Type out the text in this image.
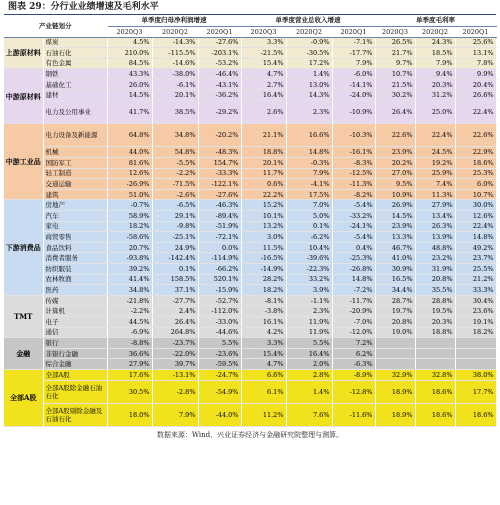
图表 29：分行业业绩增速及毛利水平
产业链划分		单季度归母净利润增速			单季度营业总收入增速			单季度毛利率		
		2020Q3	2020Q2	2020Q1	2020Q3	2020Q2	2020Q1	2020Q3	2020Q2	2020Q1
上游原材料	煤炭	4.5%	-14.3%	-27.6%	3.3%	-0.9%	-7.1%	26.5%	24.3%	25.6%
	石油石化	210.0%	-115.5%	-203.1%	-21.5%	-30.5%	-17.7%	21.7%	18.5%	13.1%
	有色金属	84.5%	-14.6%	-53.2%	15.4%	17.2%	7.9%	9.7%	7.9%	7.8%
中游原材料	钢铁	43.3%	-38.0%	-46.4%	4.7%	1.4%	-6.0%	10.7%	9.4%	9.9%
	基础化工	26.0%	-6.1%	-43.1%	2.7%	13.0%	-14.1%	21.5%	20.3%	20.4%
	建材	14.5%	20.1%	-36.2%	16.4%	14.3%	-24.0%	30.2%	31.2%	26.6%
	电力及公用事业	41.7%	38.5%	-29.2%	2.6%	2.3%	-10.9%	26.4%	25.0%	22.4%
中游工业品	电力设备及新能源	64.8%	34.8%	-20.2%	21.1%	16.6%	-10.3%	22.6%	22.4%	22.6%
	机械	44.0%	54.8%	-48.3%	18.8%	14.8%	-16.1%	23.9%	24.5%	22.9%
	国防军工	81.6%	-5.5%	154.7%	20.1%	-0.3%	-8.3%	20.2%	19.2%	18.6%
	轻工制造	12.6%	-2.2%	-33.3%	11.7%	7.9%	-12.5%	27.0%	25.9%	25.3%
	交通运输	-26.9%	-71.5%	-122.1%	0.6%	-4.1%	-11.3%	9.5%	7.4%	6.0%
	建筑	51.0%	-2.6%	-27.6%	22.2%	17.5%	-8.2%	10.9%	11.3%	10.7%
下游消费品	房地产	-0.7%	-6.5%	-46.3%	15.2%	7.0%	-5.4%	26.9%	27.9%	30.0%
	汽车	58.9%	29.1%	-89.4%	10.1%	5.0%	-33.2%	14.5%	13.4%	12.6%
	家电	18.2%	-9.8%	-51.9%	13.2%	0.1%	-24.1%	23.9%	26.3%	22.4%
	商贸零售	-58.6%	-25.1%	-72.1%	3.0%	-6.2%	-5.4%	13.3%	13.9%	14.8%
	食品饮料	20.7%	24.9%	0.0%	11.5%	10.4%	0.4%	46.7%	48.8%	49.2%
	消费者服务	-93.8%	-142.4%	-114.9%	-16.5%	-39.6%	-25.3%	41.0%	23.2%	23.7%
	纺织服装	39.2%	0.1%	-66.2%	-14.9%	-22.3%	-26.8%	30.9%	31.9%	25.5%
	农林牧渔	41.4%	158.5%	520.1%	28.2%	33.2%	14.8%	16.5%	20.8%	21.2%
	医药	34.8%	37.1%	-15.9%	18.2%	3.9%	-7.2%	34.4%	35.5%	33.3%
TMT	传媒	-21.8%	-27.7%	-52.7%	-8.1%	-1.1%	-11.7%	28.7%	28.8%	30.4%
	计算机	-2.2%	2.4%	-112.0%	-3.8%	2.3%	-20.9%	19.7%	19.5%	23.6%
	电子	44.5%	26.4%	-33.0%	16.1%	11.9%	-7.0%	20.8%	20.3%	19.1%
	通信	-6.9%	264.8%	-44.6%	4.2%	11.9%	-12.0%	19.0%	18.8%	18.2%
金融	银行	-8.8%	-23.7%	5.5%	3.3%	5.5%	7.2%			
	非银行金融	36.6%	-22.0%	-23.6%	15.4%	16.4%	6.2%			
	综合金融	27.9%	39.7%	-59.5%	4.7%	2.0%	-6.3%			
全部A股	全部A股	17.6%	-13.1%	-24.7%	6.6%	2.8%	-8.9%	32.9%	32.8%	38.0%
	全部A股除金融石油石化	30.5%	-2.8%	-54.9%	6.1%	1.4%	-12.8%	18.9%	18.6%	17.7%
	全部A股剔除金融及石油石化	18.0%	7.9%	-44.0%	11.2%	7.6%	-11.6%	18.9%	18.6%	18.6%
数据来源：Wind，兴业证券经济与金融研究院整理与测算。
